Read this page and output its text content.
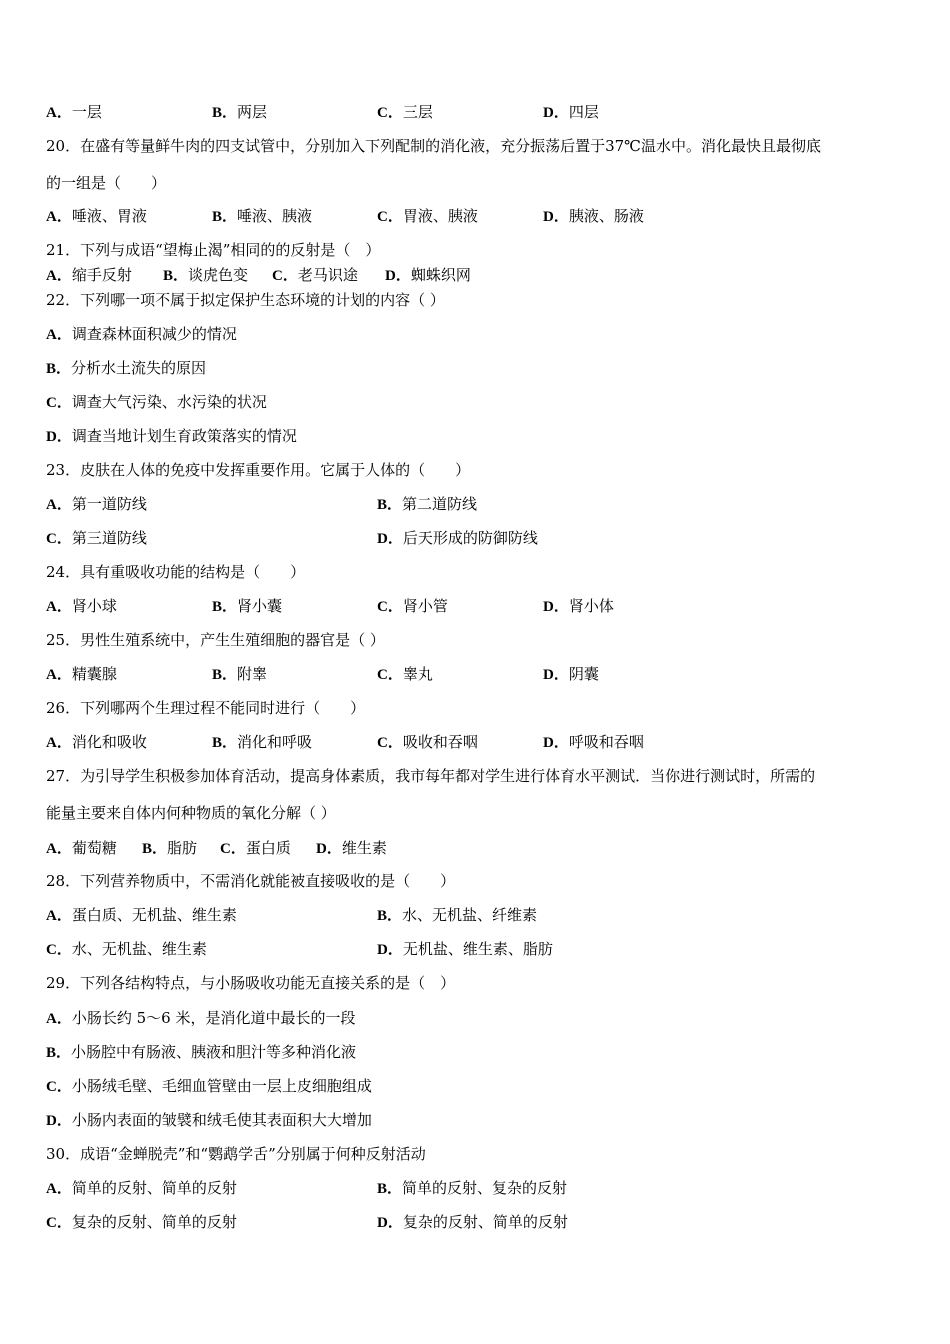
A．一层	B．两层	C．三层	D．四层
20．在盛有等量鲜牛肉的四支试管中，分别加入下列配制的消化液，充分振荡后置于37℃温水中。消化最快且最彻底
的一组是（　　）
A．唾液、胃液	B．唾液、胰液	C．胃液、胰液	D．胰液、肠液
21．下列与成语“望梅止渴”相同的的反射是（　）
A．缩手反射 B．谈虎色变 C．老马识途 D．蜘蛛织网
22．下列哪一项不属于拟定保护生态环境的计划的内容（ ）
A．调查森林面积减少的情况
B．分析水土流失的原因
C．调查大气污染、水污染的状况
D．调查当地计划生育政策落实的情况
23．皮肤在人体的免疫中发挥重要作用。它属于人体的（　　）
A．第一道防线	B．第二道防线
C．第三道防线	D．后天形成的防御防线
24．具有重吸收功能的结构是（　　）
A．肾小球	B．肾小囊	C．肾小管	D．肾小体
25．男性生殖系统中，产生生殖细胞的器官是（ ）
A．精囊腺	B．附睾	C．睾丸	D．阴囊
26．下列哪两个生理过程不能同时进行（　　）
A．消化和吸收	B．消化和呼吸	C．吸收和吞咽	D．呼吸和吞咽
27．为引导学生积极参加体育活动，提高身体素质，我市每年都对学生进行体育水平测试．当你进行测试时，所需的
能量主要来自体内何种物质的氧化分解（ ）
A．葡萄糖 B．脂肪 C．蛋白质 D．维生素
28．下列营养物质中，不需消化就能被直接吸收的是（　　）
A．蛋白质、无机盐、维生素	B．水、无机盐、纤维素
C．水、无机盐、维生素	D．无机盐、维生素、脂肪
29．下列各结构特点，与小肠吸收功能无直接关系的是（　）
A．小肠长约 5～6 米，是消化道中最长的一段
B．小肠腔中有肠液、胰液和胆汁等多种消化液
C．小肠绒毛壁、毛细血管壁由一层上皮细胞组成
D．小肠内表面的皱襞和绒毛使其表面积大大增加
30．成语“金蝉脱壳”和“鹦鹉学舌”分别属于何种反射活动
A．简单的反射、简单的反射	B．简单的反射、复杂的反射
C．复杂的反射、简单的反射	D．复杂的反射、简单的反射
